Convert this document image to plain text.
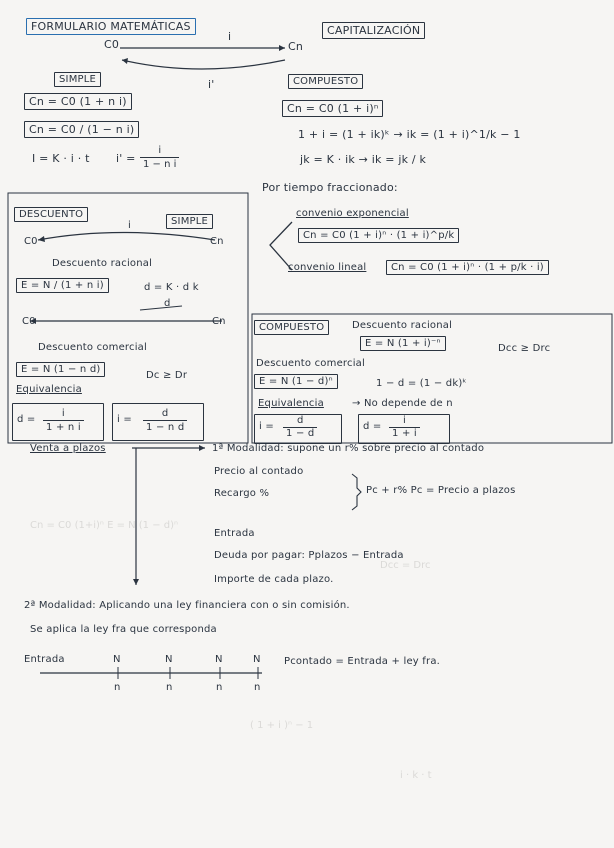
Cn = C0 (1+i)ⁿ E = N (1 − d)ⁿ
Dcc = Drc
( 1 + i )ⁿ − 1
i · k · t
FORMULARIO MATEMÁTICAS	CAPITALIZACIÓN
C0	Cn
i
i'
SIMPLE
Cn = C0 (1 + n i)
Cn = C0 / (1 − n i)
I = K · i · t $i' = \frac{i}{\text{1 − n i}}$
COMPUESTO
Cn = C0 (1 + i)ⁿ
1 + i = (1 + ik)ᵏ → ik = (1 + i)^1/k − 1
jk = K · ik → ik = jk / k
Por tiempo fraccionado:
convenio exponencial
Cn = C0 (1 + i)ⁿ · (1 + i)^p/k
convenio lineal	Cn = C0 (1 + i)ⁿ · (1 + p/k · i)
DESCUENTO
SIMPLE
C0	Cn
i
Descuento racional
E = N / (1 + n i)	d = K · d k
d
C0	Cn
Descuento comercial
E = N (1 − n d)
Dc ≥ Dr
Equivalencia
$d = \frac{i}{\text{1 + n i}}$	$i = \frac{d}{\text{1 − n d}}$
COMPUESTO	Descuento racional
E = N (1 + i)⁻ⁿ	Dcc ≥ Drc
Descuento comercial
E = N (1 − d)ⁿ	1 − d = (1 − dk)ᵏ
Equivalencia	→ No depende de n
$i = \frac{d}{1 - d}$	$d = \frac{i}{1 + i}$
Venta a plazos	1ª Modalidad: supone un r% sobre precio al contado
Precio al contado
Recargo %	Pc + r% Pc = Precio a plazos
Entrada
Deuda por pagar: Pplazos − Entrada
Importe de cada plazo.
2ª Modalidad: Aplicando una ley financiera con o sin comisión.
Se aplica la ley fra que corresponda
Entrada	N	N	N	N
n	n	n	n
Pcontado = Entrada + ley fra.
